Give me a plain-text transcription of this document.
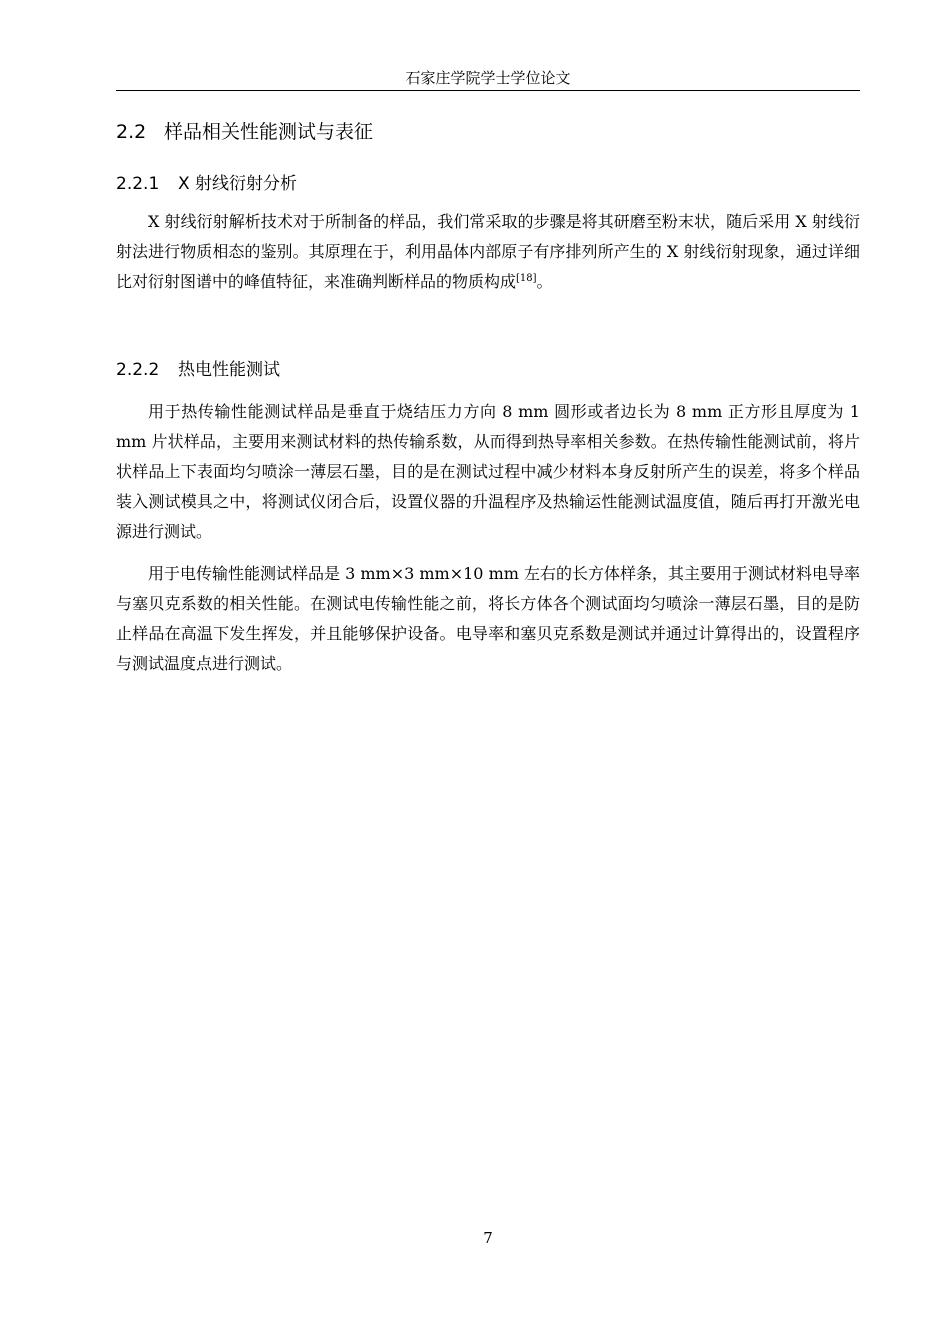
石家庄学院学士学位论文
2.2 样品相关性能测试与表征
2.2.1 X 射线衍射分析

X 射线衍射解析技术对于所制备的样品，我们常采取的步骤是将其研磨至粉末状，随后采用 X 射线衍射法进行物质相态的鉴别。其原理在于，利用晶体内部原子有序排列所产生的 X 射线衍射现象，通过详细比对衍射图谱中的峰值特征，来准确判断样品的物质构成[18]。

2.2.2 热电性能测试

用于热传输性能测试样品是垂直于烧结压力方向 8 mm 圆形或者边长为 8 mm 正方形且厚度为 1 mm 片状样品，主要用来测试材料的热传输系数，从而得到热导率相关参数。在热传输性能测试前，将片状样品上下表面均匀喷涂一薄层石墨，目的是在测试过程中减少材料本身反射所产生的误差，将多个样品装入测试模具之中，将测试仪闭合后，设置仪器的升温程序及热输运性能测试温度值，随后再打开激光电源进行测试。

用于电传输性能测试样品是 3 mm×3 mm×10 mm 左右的长方体样条，其主要用于测试材料电导率与塞贝克系数的相关性能。在测试电传输性能之前，将长方体各个测试面均匀喷涂一薄层石墨，目的是防止样品在高温下发生挥发，并且能够保护设备。电导率和塞贝克系数是测试并通过计算得出的，设置程序与测试温度点进行测试。

7
